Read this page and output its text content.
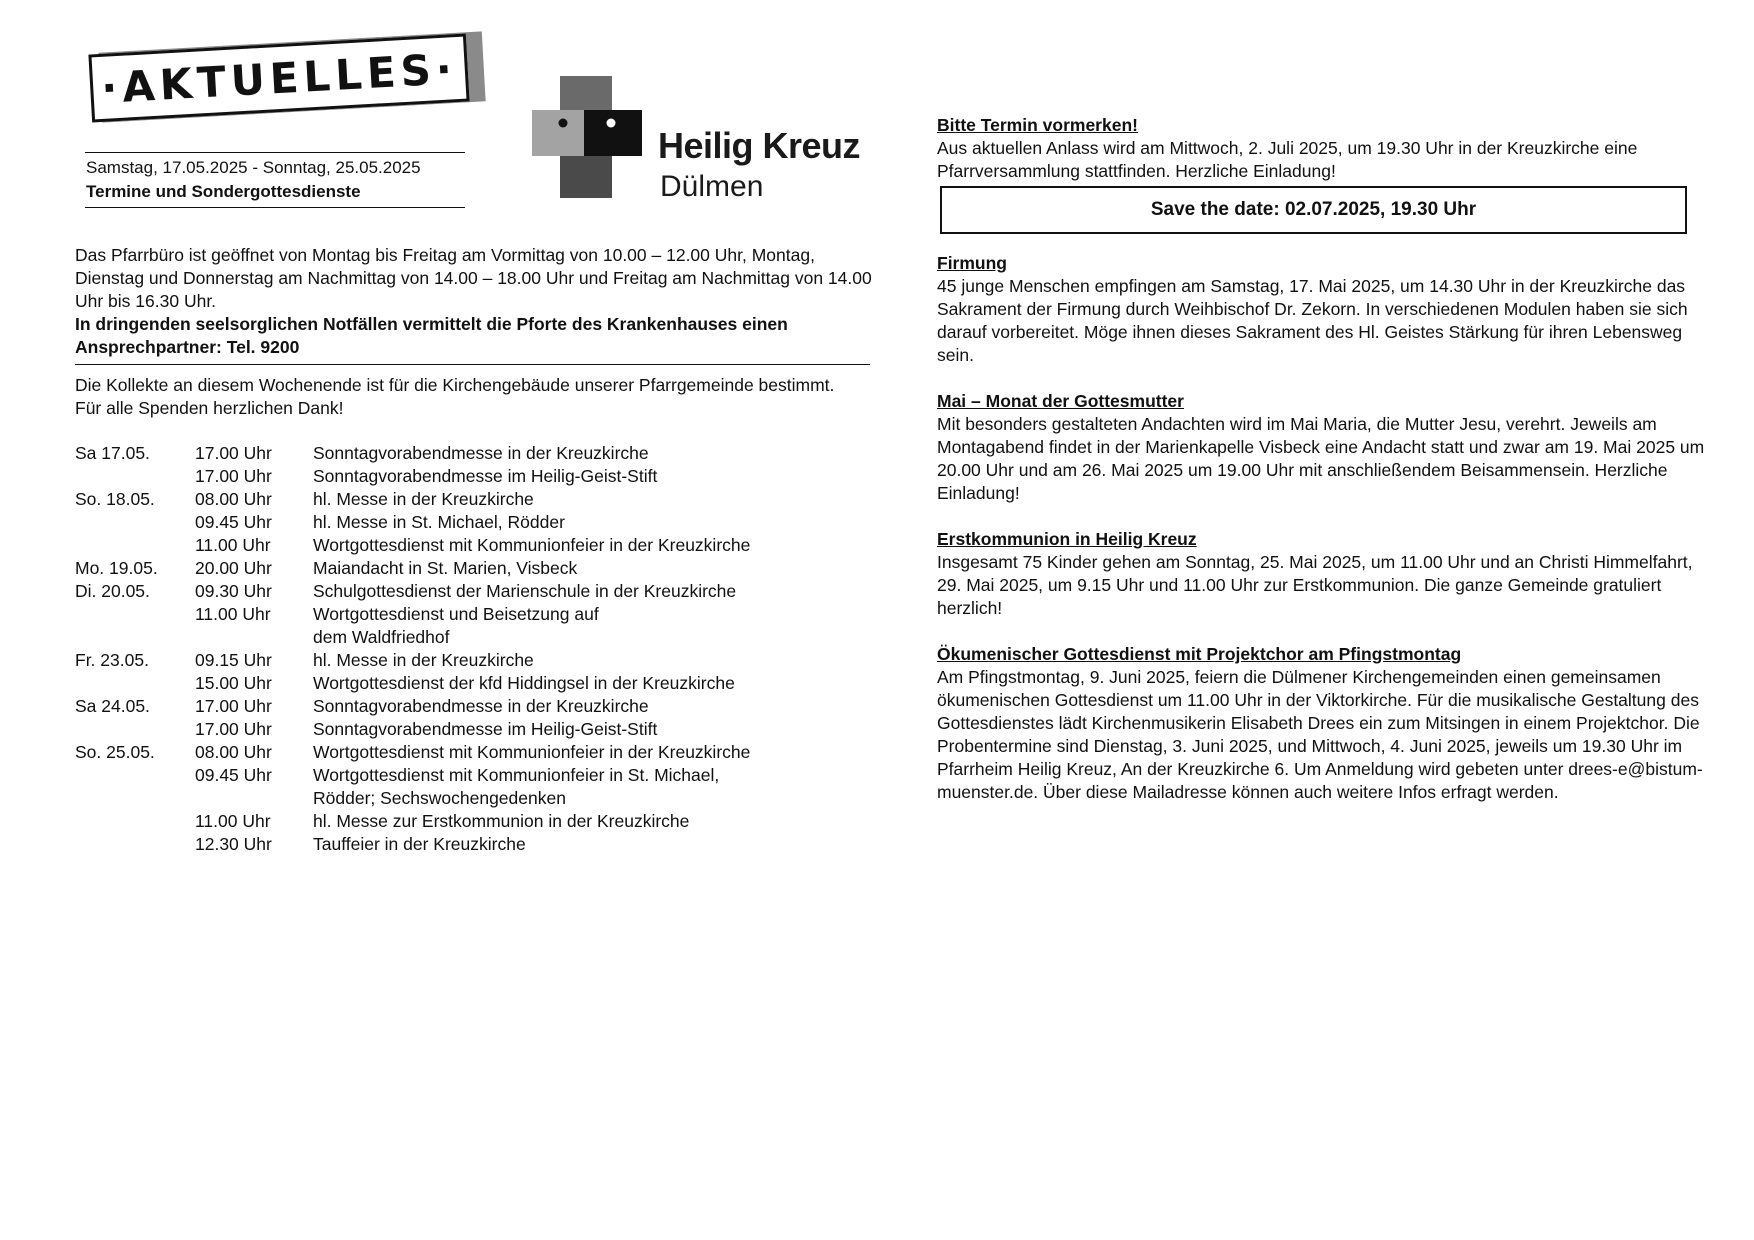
·AKTUELLES·
Samstag, 17.05.2025 - Sonntag, 25.05.2025
Termine und Sondergottesdienste
Heilig Kreuz
Dülmen

Das Pfarrbüro ist geöffnet von Montag bis Freitag am Vormittag von 10.00 – 12.00 Uhr, Montag, Dienstag und Donnerstag am Nachmittag von 14.00 – 18.00 Uhr und Freitag am Nachmittag von 14.00 Uhr bis 16.30 Uhr.

In dringenden seelsorglichen Notfällen vermittelt die Pforte des Krankenhauses einen Ansprechpartner: Tel. 9200

Die Kollekte an diesem Wochenende ist für die Kirchengebäude unserer Pfarrgemeinde bestimmt. Für alle Spenden herzlichen Dank!

Sa 17.05.	17.00 Uhr Sonntagvorabendmesse in der Kreuzkirche
17.00 Uhr Sonntagvorabendmesse im Heilig-Geist-Stift
So. 18.05. 08.00 Uhr hl. Messe in der Kreuzkirche
09.45 Uhr hl. Messe in St. Michael, Rödder
11.00 Uhr Wortgottesdienst mit Kommunionfeier in der Kreuzkirche
Mo. 19.05. 20.00 Uhr Maiandacht in St. Marien, Visbeck
Di. 20.05.	09.30 Uhr Schulgottesdienst der Marienschule in der Kreuzkirche
11.00 Uhr Wortgottesdienst und Beisetzung auf
dem Waldfriedhof
Fr. 23.05.	09.15 Uhr hl. Messe in der Kreuzkirche
15.00 Uhr Wortgottesdienst der kfd Hiddingsel in der Kreuzkirche
Sa 24.05.	17.00 Uhr Sonntagvorabendmesse in der Kreuzkirche
17.00 Uhr Sonntagvorabendmesse im Heilig-Geist-Stift
So. 25.05. 08.00 Uhr Wortgottesdienst mit Kommunionfeier in der Kreuzkirche
09.45 Uhr Wortgottesdienst mit Kommunionfeier in St. Michael,
Rödder; Sechswochengedenken
11.00 Uhr hl. Messe zur Erstkommunion in der Kreuzkirche
12.30 Uhr Tauffeier in der Kreuzkirche

Bitte Termin vormerken!

Aus aktuellen Anlass wird am Mittwoch, 2. Juli 2025, um 19.30 Uhr in der Kreuzkirche eine Pfarrversammlung stattfinden. Herzliche Einladung!

Save the date: 02.07.2025, 19.30 Uhr

Firmung

45 junge Menschen empfingen am Samstag, 17. Mai 2025, um 14.30 Uhr in der Kreuzkirche das Sakrament der Firmung durch Weihbischof Dr. Zekorn. In verschiedenen Modulen haben sie sich darauf vorbereitet. Möge ihnen dieses Sakrament des Hl. Geistes Stärkung für ihren Lebensweg sein.

Mai – Monat der Gottesmutter

Mit besonders gestalteten Andachten wird im Mai Maria, die Mutter Jesu, verehrt. Jeweils am Montagabend findet in der Marienkapelle Visbeck eine Andacht statt und zwar am 19. Mai 2025 um 20.00 Uhr und am 26. Mai 2025 um 19.00 Uhr mit anschließendem Beisammensein. Herzliche Einladung!

Erstkommunion in Heilig Kreuz

Insgesamt 75 Kinder gehen am Sonntag, 25. Mai 2025, um 11.00 Uhr und an Christi Himmelfahrt, 29. Mai 2025, um 9.15 Uhr und 11.00 Uhr zur Erstkommunion. Die ganze Gemeinde gratuliert herzlich!

Ökumenischer Gottesdienst mit Projektchor am Pfingstmontag

Am Pfingstmontag, 9. Juni 2025, feiern die Dülmener Kirchengemeinden einen gemeinsamen ökumenischen Gottesdienst um 11.00 Uhr in der Viktorkirche. Für die musikalische Gestaltung des Gottesdienstes lädt Kirchenmusikerin Elisabeth Drees ein zum Mitsingen in einem Projektchor. Die Probentermine sind Dienstag, 3. Juni 2025, und Mittwoch, 4. Juni 2025, jeweils um 19.30 Uhr im Pfarrheim Heilig Kreuz, An der Kreuzkirche 6. Um Anmeldung wird gebeten unter drees-e@bistum-muenster.de. Über diese Mailadresse können auch weitere Infos erfragt werden.
